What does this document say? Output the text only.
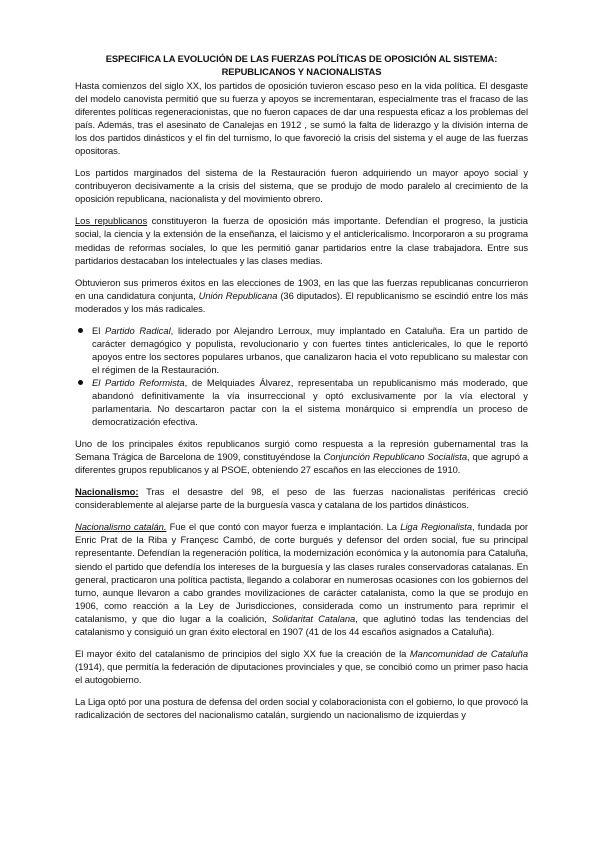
ESPECIFICA LA EVOLUCIÓN DE LAS FUERZAS POLÍTICAS DE OPOSICIÓN AL SISTEMA: REPUBLICANOS Y NACIONALISTAS

Hasta comienzos del siglo XX, los partidos de oposición tuvieron escaso peso en la vida política. El desgaste del modelo canovista permitió que su fuerza y apoyos se incrementaran, especialmente tras el fracaso de las diferentes políticas regeneracionistas, que no fueron capaces de dar una respuesta eficaz a los problemas del país. Además, tras el asesinato de Canalejas en 1912 , se sumó la falta de liderazgo y la división interna de los dos partidos dinásticos y el fin del turnismo, lo que favoreció la crisis del sistema y el auge de las fuerzas opositoras.

Los partidos marginados del sistema de la Restauración fueron adquiriendo un mayor apoyo social y contribuyeron decisivamente a la crisis del sistema, que se produjo de modo paralelo al crecimiento de la oposición republicana, nacionalista y del movimiento obrero.

Los republicanos constituyeron la fuerza de oposición más importante. Defendían el progreso, la justicia social, la ciencia y la extensión de la enseñanza, el laicismo y el anticlericalismo. Incorporaron a su programa medidas de reformas sociales, lo que les permitió ganar partidarios entre la clase trabajadora. Entre sus partidarios destacaban los intelectuales y las clases medias.

Obtuvieron sus primeros éxitos en las elecciones de 1903, en las que las fuerzas republicanas concurrieron en una candidatura conjunta, Unión Republicana (36 diputados). El republicanismo se escindió entre los más moderados y los más radicales.

El Partido Radical, liderado por Alejandro Lerroux, muy implantado en Cataluña. Era un partido de carácter demagógico y populista, revolucionario y con fuertes tintes anticlericales, lo que le reportó apoyos entre los sectores populares urbanos, que canalizaron hacia el voto republicano su malestar con el régimen de la Restauración.
El Partido Reformista, de Melquiades Álvarez, representaba un republicanismo más moderado, que abandonó definitivamente la vía insurreccional y optó exclusivamente por la vía electoral y parlamentaria. No descartaron pactar con la el sistema monárquico si emprendía un proceso de democratización efectiva.

Uno de los principales éxitos republicanos surgió como respuesta a la represión gubernamental tras la Semana Trágica de Barcelona de 1909, constituyéndose la Conjunción Republicano Socialista, que agrupó a diferentes grupos republicanos y al PSOE, obteniendo 27 escaños en las elecciones de 1910.

Nacionalismo: Tras el desastre del 98, el peso de las fuerzas nacionalistas periféricas creció considerablemente al alejarse parte de la burguesía vasca y catalana de los partidos dinásticos.

Nacionalismo catalán. Fue el que contó con mayor fuerza e implantación. La Liga Regionalista, fundada por Enric Prat de la Riba y Françesc Cambó, de corte burgués y defensor del orden social, fue su principal representante. Defendían la regeneración política, la modernización económica y la autonomía para Cataluña, siendo el partido que defendía los intereses de la burguesía y las clases rurales conservadoras catalanas. En general, practicaron una política pactista, llegando a colaborar en numerosas ocasiones con los gobiernos del turno, aunque llevaron a cabo grandes movilizaciones de carácter catalanista, como la que se produjo en 1906, como reacción a la Ley de Jurisdicciones, considerada como un instrumento para reprimir el catalanismo, y que dio lugar a la coalición, Solidaritat Catalana, que aglutinó todas las tendencias del catalanismo y consiguió un gran éxito electoral en 1907 (41 de los 44 escaños asignados a Cataluña).

El mayor éxito del catalanismo de principios del siglo XX fue la creación de la Mancomunidad de Cataluña (1914), que permitía la federación de diputaciones provinciales y que, se concibió como un primer paso hacia el autogobierno.

La Liga optó por una postura de defensa del orden social y colaboracionista con el gobierno, lo que provocó la radicalización de sectores del nacionalismo catalán, surgiendo un nacionalismo de izquierdas y
